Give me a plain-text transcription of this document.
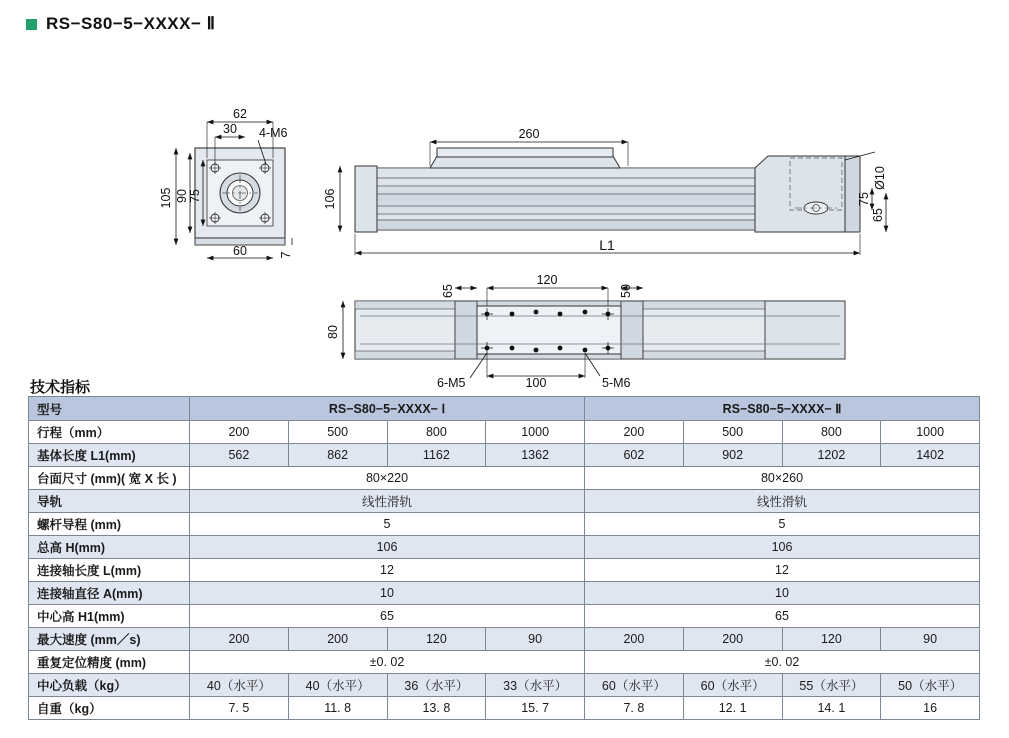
RS−S80−5−XXXX− Ⅱ
62
30 4-M6
105 90 75
60	7
260
106
L1
Ø10
75
65
65
120
50
80
100
6-M5	5-M6
技术指标
型号	RS−S80−5−XXXX− Ⅰ				RS−S80−5−XXXX− Ⅱ			
行程（mm）	200	500	800	1000	200	500	800	1000
基体长度 L1(mm)	562	862	1162	1362	602	902	1202	1402
台面尺寸 (mm)( 宽 X 长 )	80×220				80×260			
导轨	线性滑轨				线性滑轨			
螺杆导程 (mm)	5				5			
总高 H(mm)	106				106			
连接轴长度 L(mm)	12				12			
连接轴直径 A(mm)	10				10			
中心高 H1(mm)	65				65			
最大速度 (mm／s)	200	200	120	90	200	200	120	90
重复定位精度 (mm)	±0. 02				±0. 02			
中心负载（kg）	40（水平）	40（水平）	36（水平）	33（水平）	60（水平）	60（水平）	55（水平）	50（水平）
自重（kg）	7. 5	11. 8	13. 8	15. 7	7. 8	12. 1	14. 1	16
